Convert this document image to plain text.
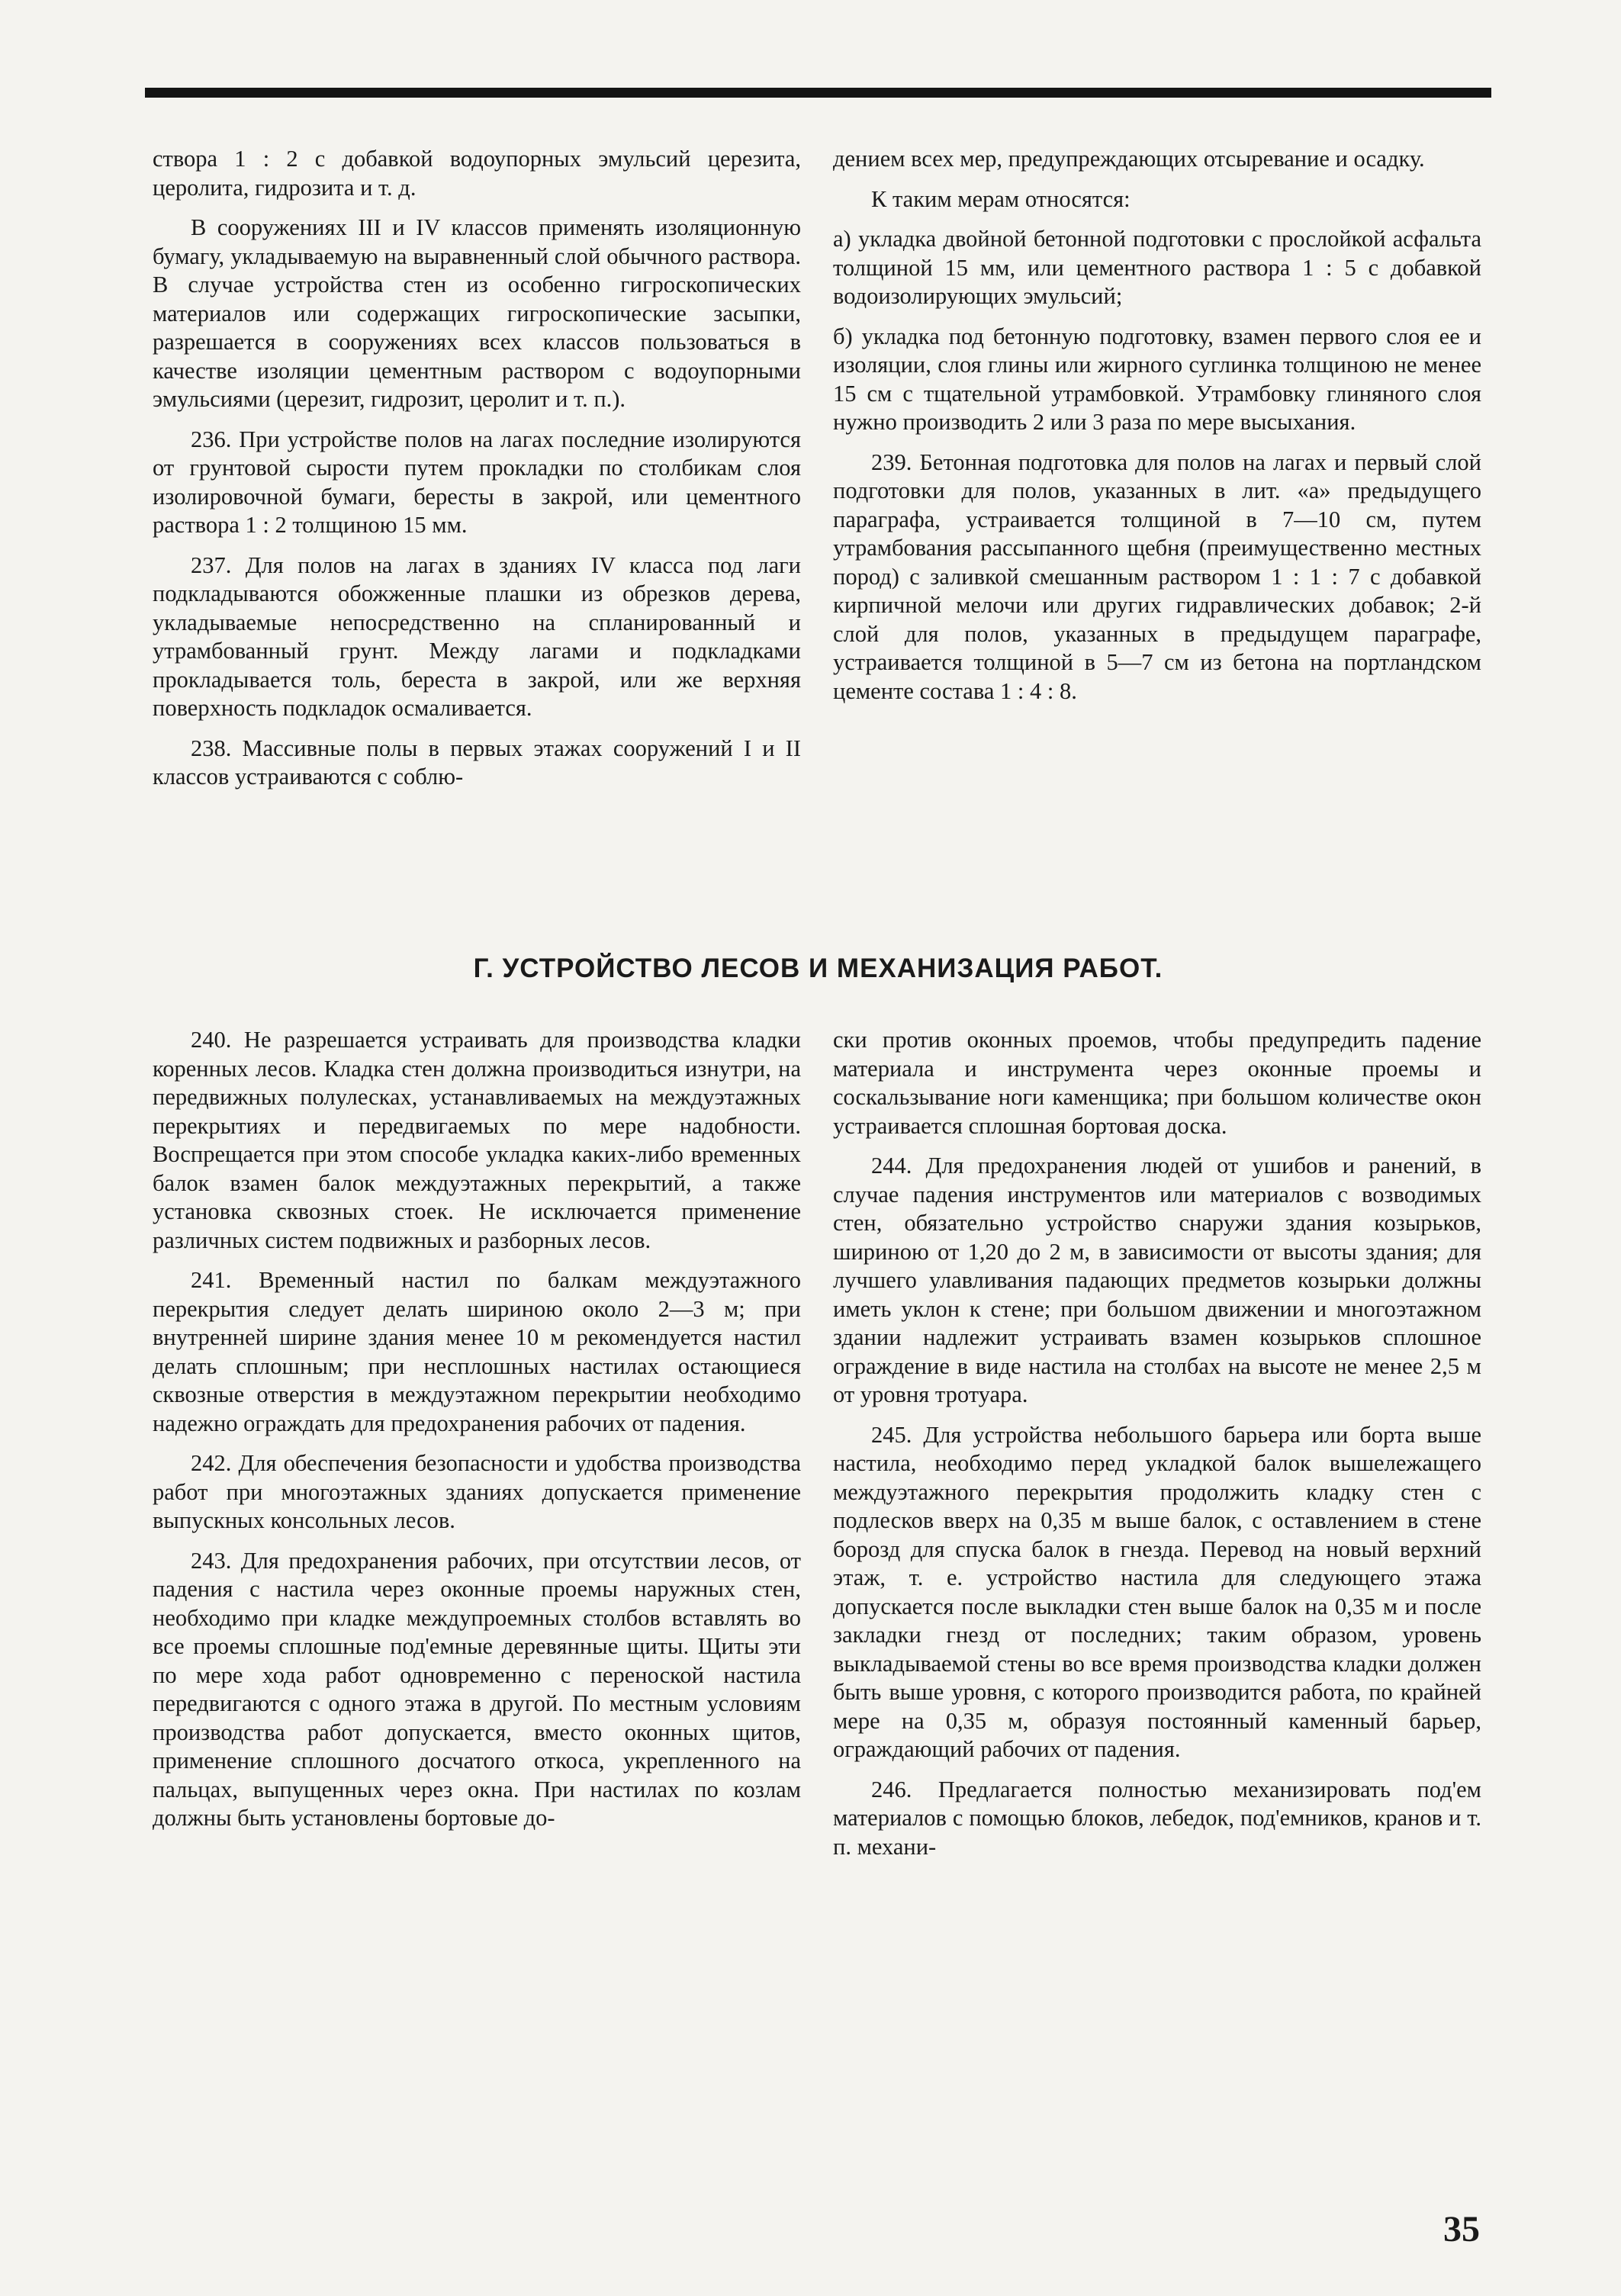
створа 1 : 2 с добавкой водоупорных эмульсий церезита, церолита, гидрозита и т. д.

В сооружениях III и IV классов применять изоляционную бумагу, укладываемую на выравненный слой обычного раствора. В случае устройства стен из особенно гигроскопических материалов или содержащих гигроскопические засыпки, разрешается в сооружениях всех классов пользоваться в качестве изоляции цементным раствором с водоупорными эмульсиями (церезит, гидрозит, церолит и т. п.).

236. При устройстве полов на лагах последние изолируются от грунтовой сырости путем прокладки по столбикам слоя изолировочной бумаги, бересты в закрой, или цементного раствора 1 : 2 толщиною 15 мм.

237. Для полов на лагах в зданиях IV класса под лаги подкладываются обожженные плашки из обрезков дерева, укладываемые непосредственно на спланированный и утрамбованный грунт. Между лагами и подкладками прокладывается толь, береста в закрой, или же верхняя поверхность подкладок осмаливается.

238. Массивные полы в первых этажах сооружений I и II классов устраиваются с соблю-

дением всех мер, предупреждающих отсыревание и осадку.

К таким мерам относятся:

а) укладка двойной бетонной подготовки с прослойкой асфальта толщиной 15 мм, или цементного раствора 1 : 5 с добавкой водоизолирующих эмульсий;

б) укладка под бетонную подготовку, взамен первого слоя ее и изоляции, слоя глины или жирного суглинка толщиною не менее 15 см с тщательной утрамбовкой. Утрамбовку глиняного слоя нужно производить 2 или 3 раза по мере высыхания.

239. Бетонная подготовка для полов на лагах и первый слой подготовки для полов, указанных в лит. «а» предыдущего параграфа, устраивается толщиной в 7—10 см, путем утрамбования рассыпанного щебня (преимущественно местных пород) с заливкой смешанным раствором 1 : 1 : 7 с добавкой кирпичной мелочи или других гидравлических добавок; 2-й слой для полов, указанных в предыдущем параграфе, устраивается толщиной в 5—7 см из бетона на портландском цементе состава 1 : 4 : 8.

Г. УСТРОЙСТВО ЛЕСОВ И МЕХАНИЗАЦИЯ РАБОТ.

240. Не разрешается устраивать для производства кладки коренных лесов. Кладка стен должна производиться изнутри, на передвижных полулесках, устанавливаемых на междуэтажных перекрытиях и передвигаемых по мере надобности. Воспрещается при этом способе укладка каких-либо временных балок взамен балок междуэтажных перекрытий, а также установка сквозных стоек. Не исключается применение различных систем подвижных и разборных лесов.

241. Временный настил по балкам междуэтажного перекрытия следует делать шириною около 2—3 м; при внутренней ширине здания менее 10 м рекомендуется настил делать сплошным; при несплошных настилах остающиеся сквозные отверстия в междуэтажном перекрытии необходимо надежно ограждать для предохранения рабочих от падения.

242. Для обеспечения безопасности и удобства производства работ при многоэтажных зданиях допускается применение выпускных консольных лесов.

243. Для предохранения рабочих, при отсутствии лесов, от падения с настила через оконные проемы наружных стен, необходимо при кладке междупроемных столбов вставлять во все проемы сплошные под'емные деревянные щиты. Щиты эти по мере хода работ одновременно с переноской настила передвигаются с одного этажа в другой. По местным условиям производства работ допускается, вместо оконных щитов, применение сплошного досчатого откоса, укрепленного на пальцах, выпущенных через окна. При настилах по козлам должны быть установлены бортовые до-

ски против оконных проемов, чтобы предупредить падение материала и инструмента через оконные проемы и соскальзывание ноги каменщика; при большом количестве окон устраивается сплошная бортовая доска.

244. Для предохранения людей от ушибов и ранений, в случае падения инструментов или материалов с возводимых стен, обязательно устройство снаружи здания козырьков, шириною от 1,20 до 2 м, в зависимости от высоты здания; для лучшего улавливания падающих предметов козырьки должны иметь уклон к стене; при большом движении и многоэтажном здании надлежит устраивать взамен козырьков сплошное ограждение в виде настила на столбах на высоте не менее 2,5 м от уровня тротуара.

245. Для устройства небольшого барьера или борта выше настила, необходимо перед укладкой балок вышележащего междуэтажного перекрытия продолжить кладку стен с подлесков вверх на 0,35 м выше балок, с оставлением в стене борозд для спуска балок в гнезда. Перевод на новый верхний этаж, т. е. устройство настила для следующего этажа допускается после выкладки стен выше балок на 0,35 м и после закладки гнезд от последних; таким образом, уровень выкладываемой стены во все время производства кладки должен быть выше уровня, с которого производится работа, по крайней мере на 0,35 м, образуя постоянный каменный барьер, ограждающий рабочих от падения.

246. Предлагается полностью механизировать под'ем материалов с помощью блоков, лебедок, под'емников, кранов и т. п. механи-

35
